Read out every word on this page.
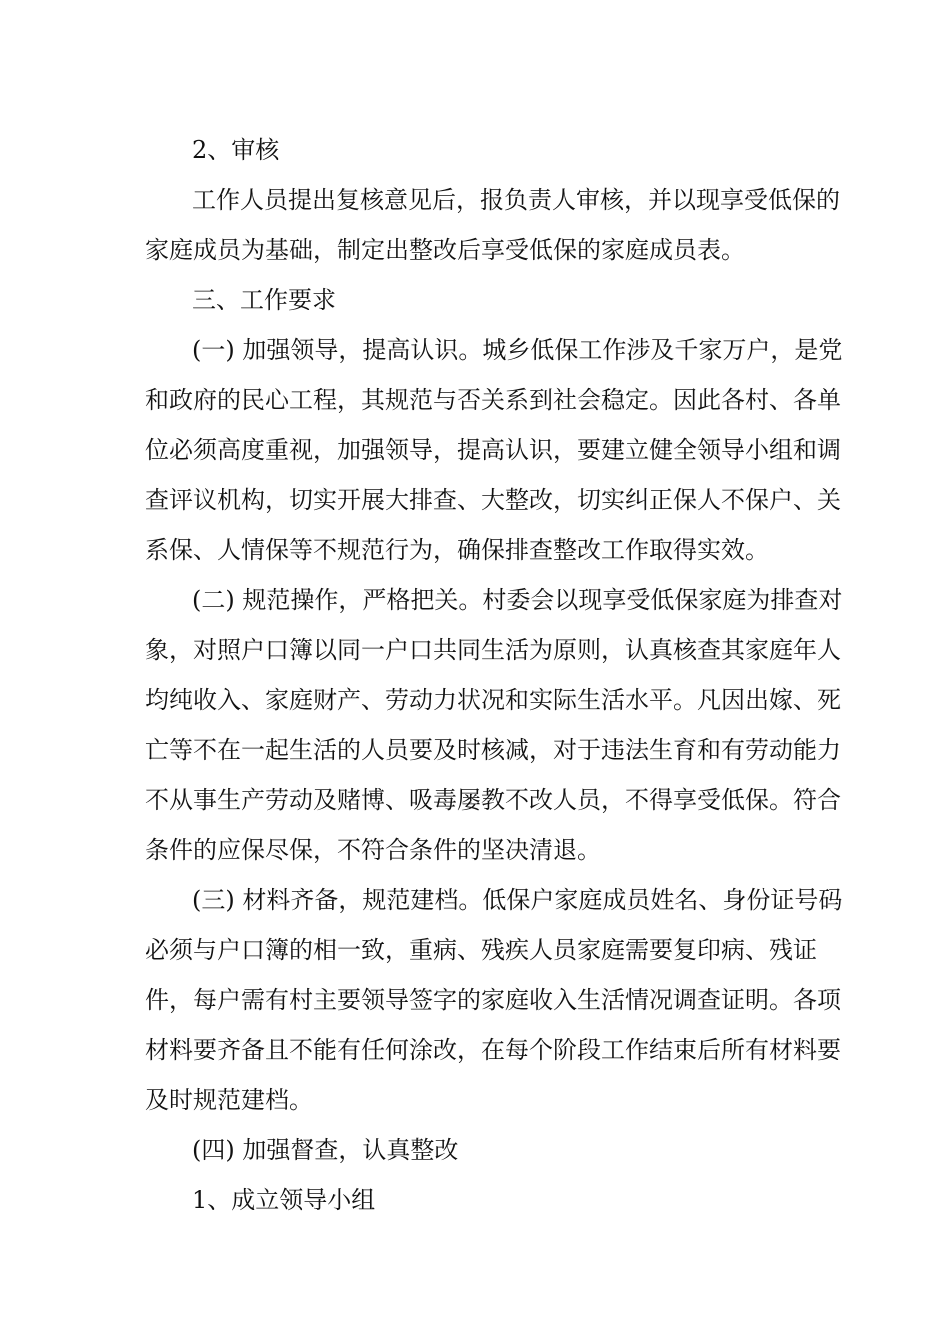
2、审核
工作人员提出复核意见后，报负责人审核，并以现享受低保的
家庭成员为基础，制定出整改后享受低保的家庭成员表。
三、工作要求
(一) 加强领导，提高认识。城乡低保工作涉及千家万户，是党
和政府的民心工程，其规范与否关系到社会稳定。因此各村、各单
位必须高度重视，加强领导，提高认识，要建立健全领导小组和调
查评议机构，切实开展大排查、大整改，切实纠正保人不保户、关
系保、人情保等不规范行为，确保排查整改工作取得实效。
(二) 规范操作，严格把关。村委会以现享受低保家庭为排查对
象，对照户口簿以同一户口共同生活为原则，认真核查其家庭年人
均纯收入、家庭财产、劳动力状况和实际生活水平。凡因出嫁、死
亡等不在一起生活的人员要及时核减，对于违法生育和有劳动能力
不从事生产劳动及赌博、吸毒屡教不改人员，不得享受低保。符合
条件的应保尽保，不符合条件的坚决清退。
(三) 材料齐备，规范建档。低保户家庭成员姓名、身份证号码
必须与户口簿的相一致，重病、残疾人员家庭需要复印病、残证
件，每户需有村主要领导签字的家庭收入生活情况调查证明。各项
材料要齐备且不能有任何涂改，在每个阶段工作结束后所有材料要
及时规范建档。
(四) 加强督查，认真整改
1、成立领导小组
